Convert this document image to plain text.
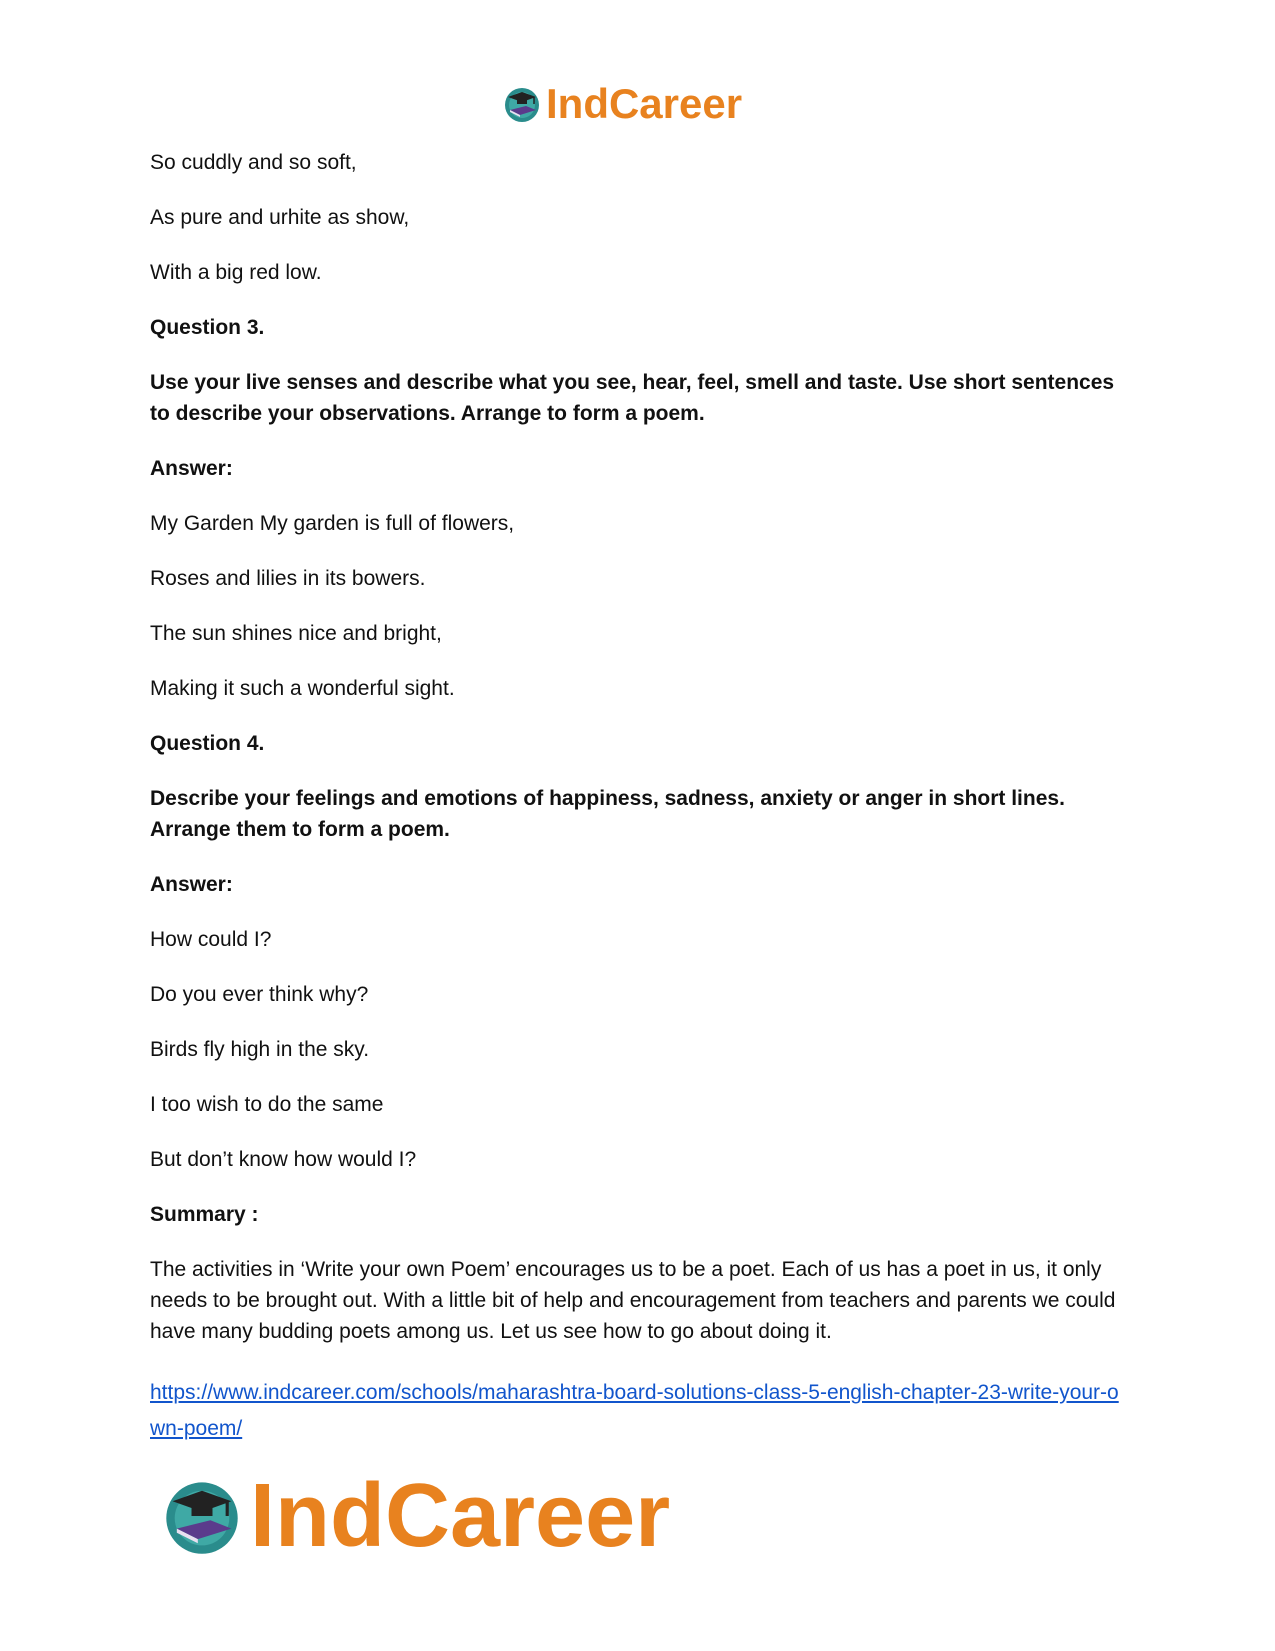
IndCareer

So cuddly and so soft,

As pure and urhite as show,

With a big red low.

Question 3.

Use your live senses and describe what you see, hear, feel, smell and taste. Use short sentences to describe your observations. Arrange to form a poem.

Answer:

My Garden My garden is full of flowers,

Roses and lilies in its bowers.

The sun shines nice and bright,

Making it such a wonderful sight.

Question 4.

Describe your feelings and emotions of happiness, sadness, anxiety or anger in short lines. Arrange them to form a poem.

Answer:

How could I?

Do you ever think why?

Birds fly high in the sky.

I too wish to do the same

But don’t know how would I?

Summary :

The activities in ‘Write your own Poem’ encourages us to be a poet. Each of us has a poet in us, it only needs to be brought out. With a little bit of help and encouragement from teachers and parents we could have many budding poets among us. Let us see how to go about doing it.

https://www.indcareer.com/schools/maharashtra-board-solutions-class-5-english-chapter-23-write-your-own-poem/
IndCareer
